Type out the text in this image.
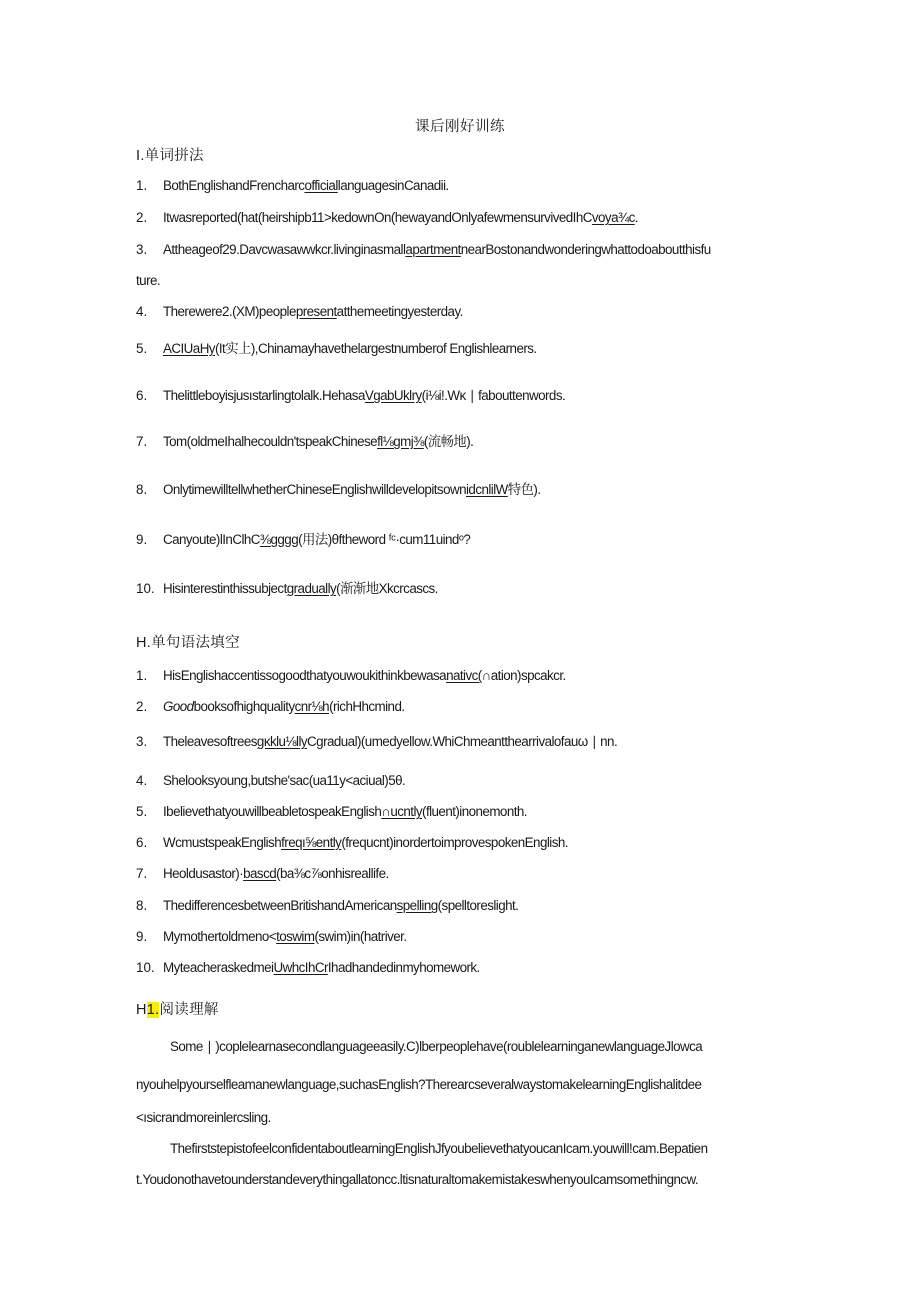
课后刚好训练
I.单词拼法

1. BothEnglishandFrencharcofficiallanguagesinCanadii.

2. Itwasreported(hat(heirshipb11>kedownOn(hewayandOnlyafewmensurvivedIhCvoya¾c.

3. Attheageof29.Davcwasawwkcr.livinginasmallapartmentnearBostonandwonderingwhattodoaboutthisfu

ture.

4. Therewere2.(XM)peoplepresentatthemeetingyesterday.

5. ACIUaHy(It实上),Chinamayhavethelargestnumberof Englishlearners.

6. Thelittleboyisjusıstarlingtolalk.HehasaVgabUklry(i⅛i!.Wĸ ∣ fabouttenwords.

7. Tom(oldmeIhalhecouldn'tspeakChinesefl⅛gmj⅜(流畅地).

8. OnlytimewilltellwhetherChineseEnglishwilldevelopitsownidcnlilW特色).

9. Canyoute)lInClhC⅜gggg(用法)θftheword ᶠᶜ·cum11uindᵒ?

10. Hisinterestinthissubjectgradually(渐渐地Xkcrcascs.

H.单句语法填空

1. HisEnglishaccentissogoodthatyouwoukithinkbewasanativc(∩ation)spcakcr.

2. Goodbooksofhighqualitycnr⅛h(richHhcmind.

3. Theleavesoftreesgκklu⅛llyCgradual)(umedyellow.WhiChmeantthearrivalofauω ∣ nn.

4. Shelooksyoung,butshe'sac(ua11y<aciual)5θ.

5. IbelievethatyouwillbeabletospeakEnglish∩ucntly(fluent)inonemonth.

6. WcmustspeakEnglishfreqı⅝ently(frequcnt)inordertoimprovespokenEnglish.

7. Heoldusastor)·bascd(ba⅜c⅞onhisreallife.

8. ThedifferencesbetweenBritishandAmericanspelling(spelltoreslight.

9. Mymothertoldmeno<toswim(swim)in(hatriver.

10. MyteacheraskedmeiUwhcIhCrIhadhandedinmyhomework.

H1.阅读理解

Some ∣ )coplelearnasecondlanguageeasily.C)lberpeoplehave(roublelearninganewlanguageJlowca

nyouhelpyourselfleamanewlanguage,suchasEnglish?TherearcseveralwaystomakelearningEnglishalitdee

<ısicrandmoreinlercsling.

ThefirststepistofeelconfidentaboutlearningEnglishJfyoubelievethatyoucanIcam.youwill!cam.Bepatien

t.Youdonothavetounderstandeverythingallatoncc.ltisnaturaltomakemistakeswhenyouIcamsomethingncw.
